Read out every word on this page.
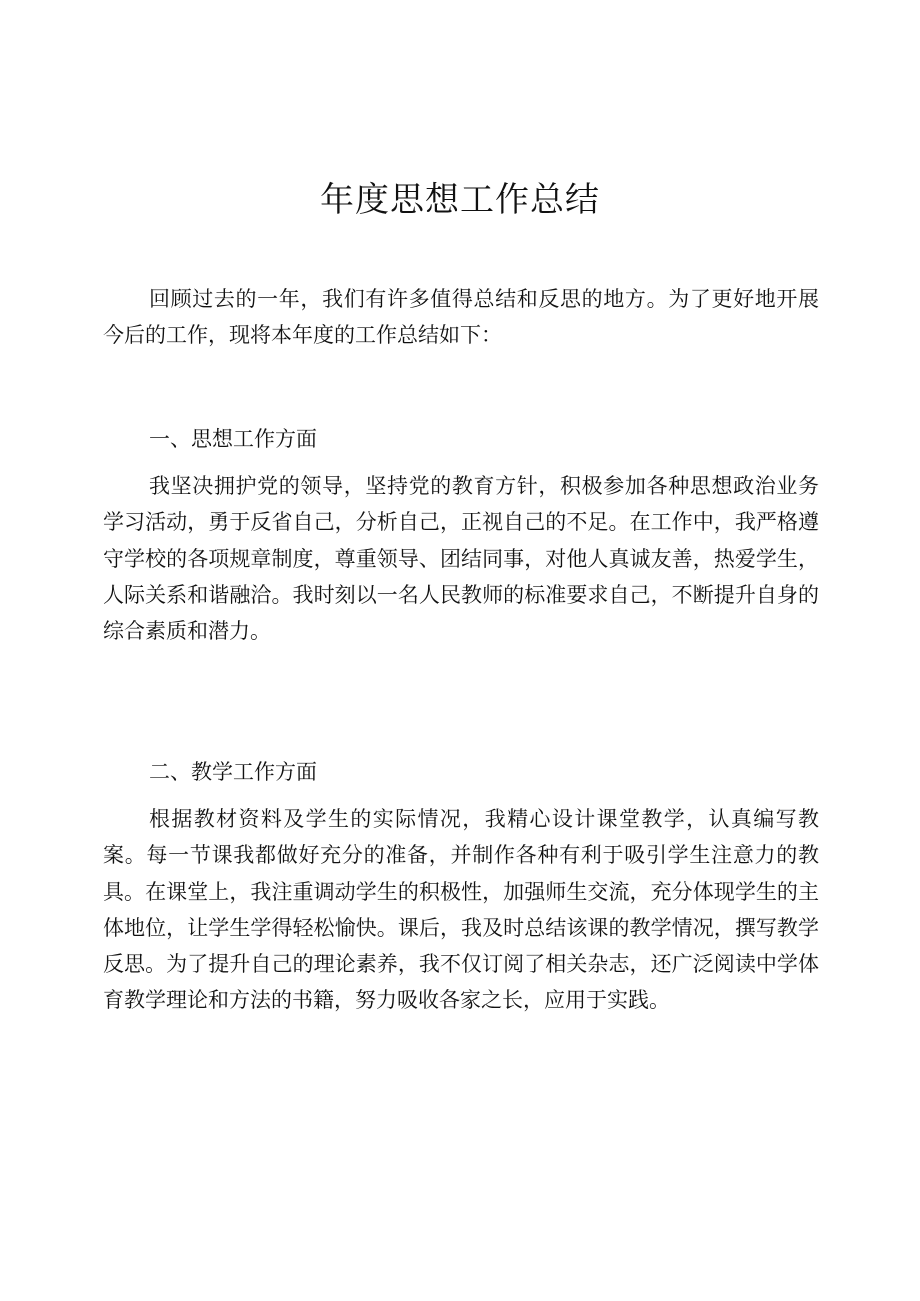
年度思想工作总结

回顾过去的一年，我们有许多值得总结和反思的地方。为了更好地开展今后的工作，现将本年度的工作总结如下：

一、思想工作方面

我坚决拥护党的领导，坚持党的教育方针，积极参加各种思想政治业务学习活动，勇于反省自己，分析自己，正视自己的不足。在工作中，我严格遵守学校的各项规章制度，尊重领导、团结同事，对他人真诚友善，热爱学生，人际关系和谐融洽。我时刻以一名人民教师的标准要求自己，不断提升自身的综合素质和潜力。

二、教学工作方面

根据教材资料及学生的实际情况，我精心设计课堂教学，认真编写教案。每一节课我都做好充分的准备，并制作各种有利于吸引学生注意力的教具。在课堂上，我注重调动学生的积极性，加强师生交流，充分体现学生的主体地位，让学生学得轻松愉快。课后，我及时总结该课的教学情况，撰写教学反思。为了提升自己的理论素养，我不仅订阅了相关杂志，还广泛阅读中学体育教学理论和方法的书籍，努力吸收各家之长，应用于实践。
